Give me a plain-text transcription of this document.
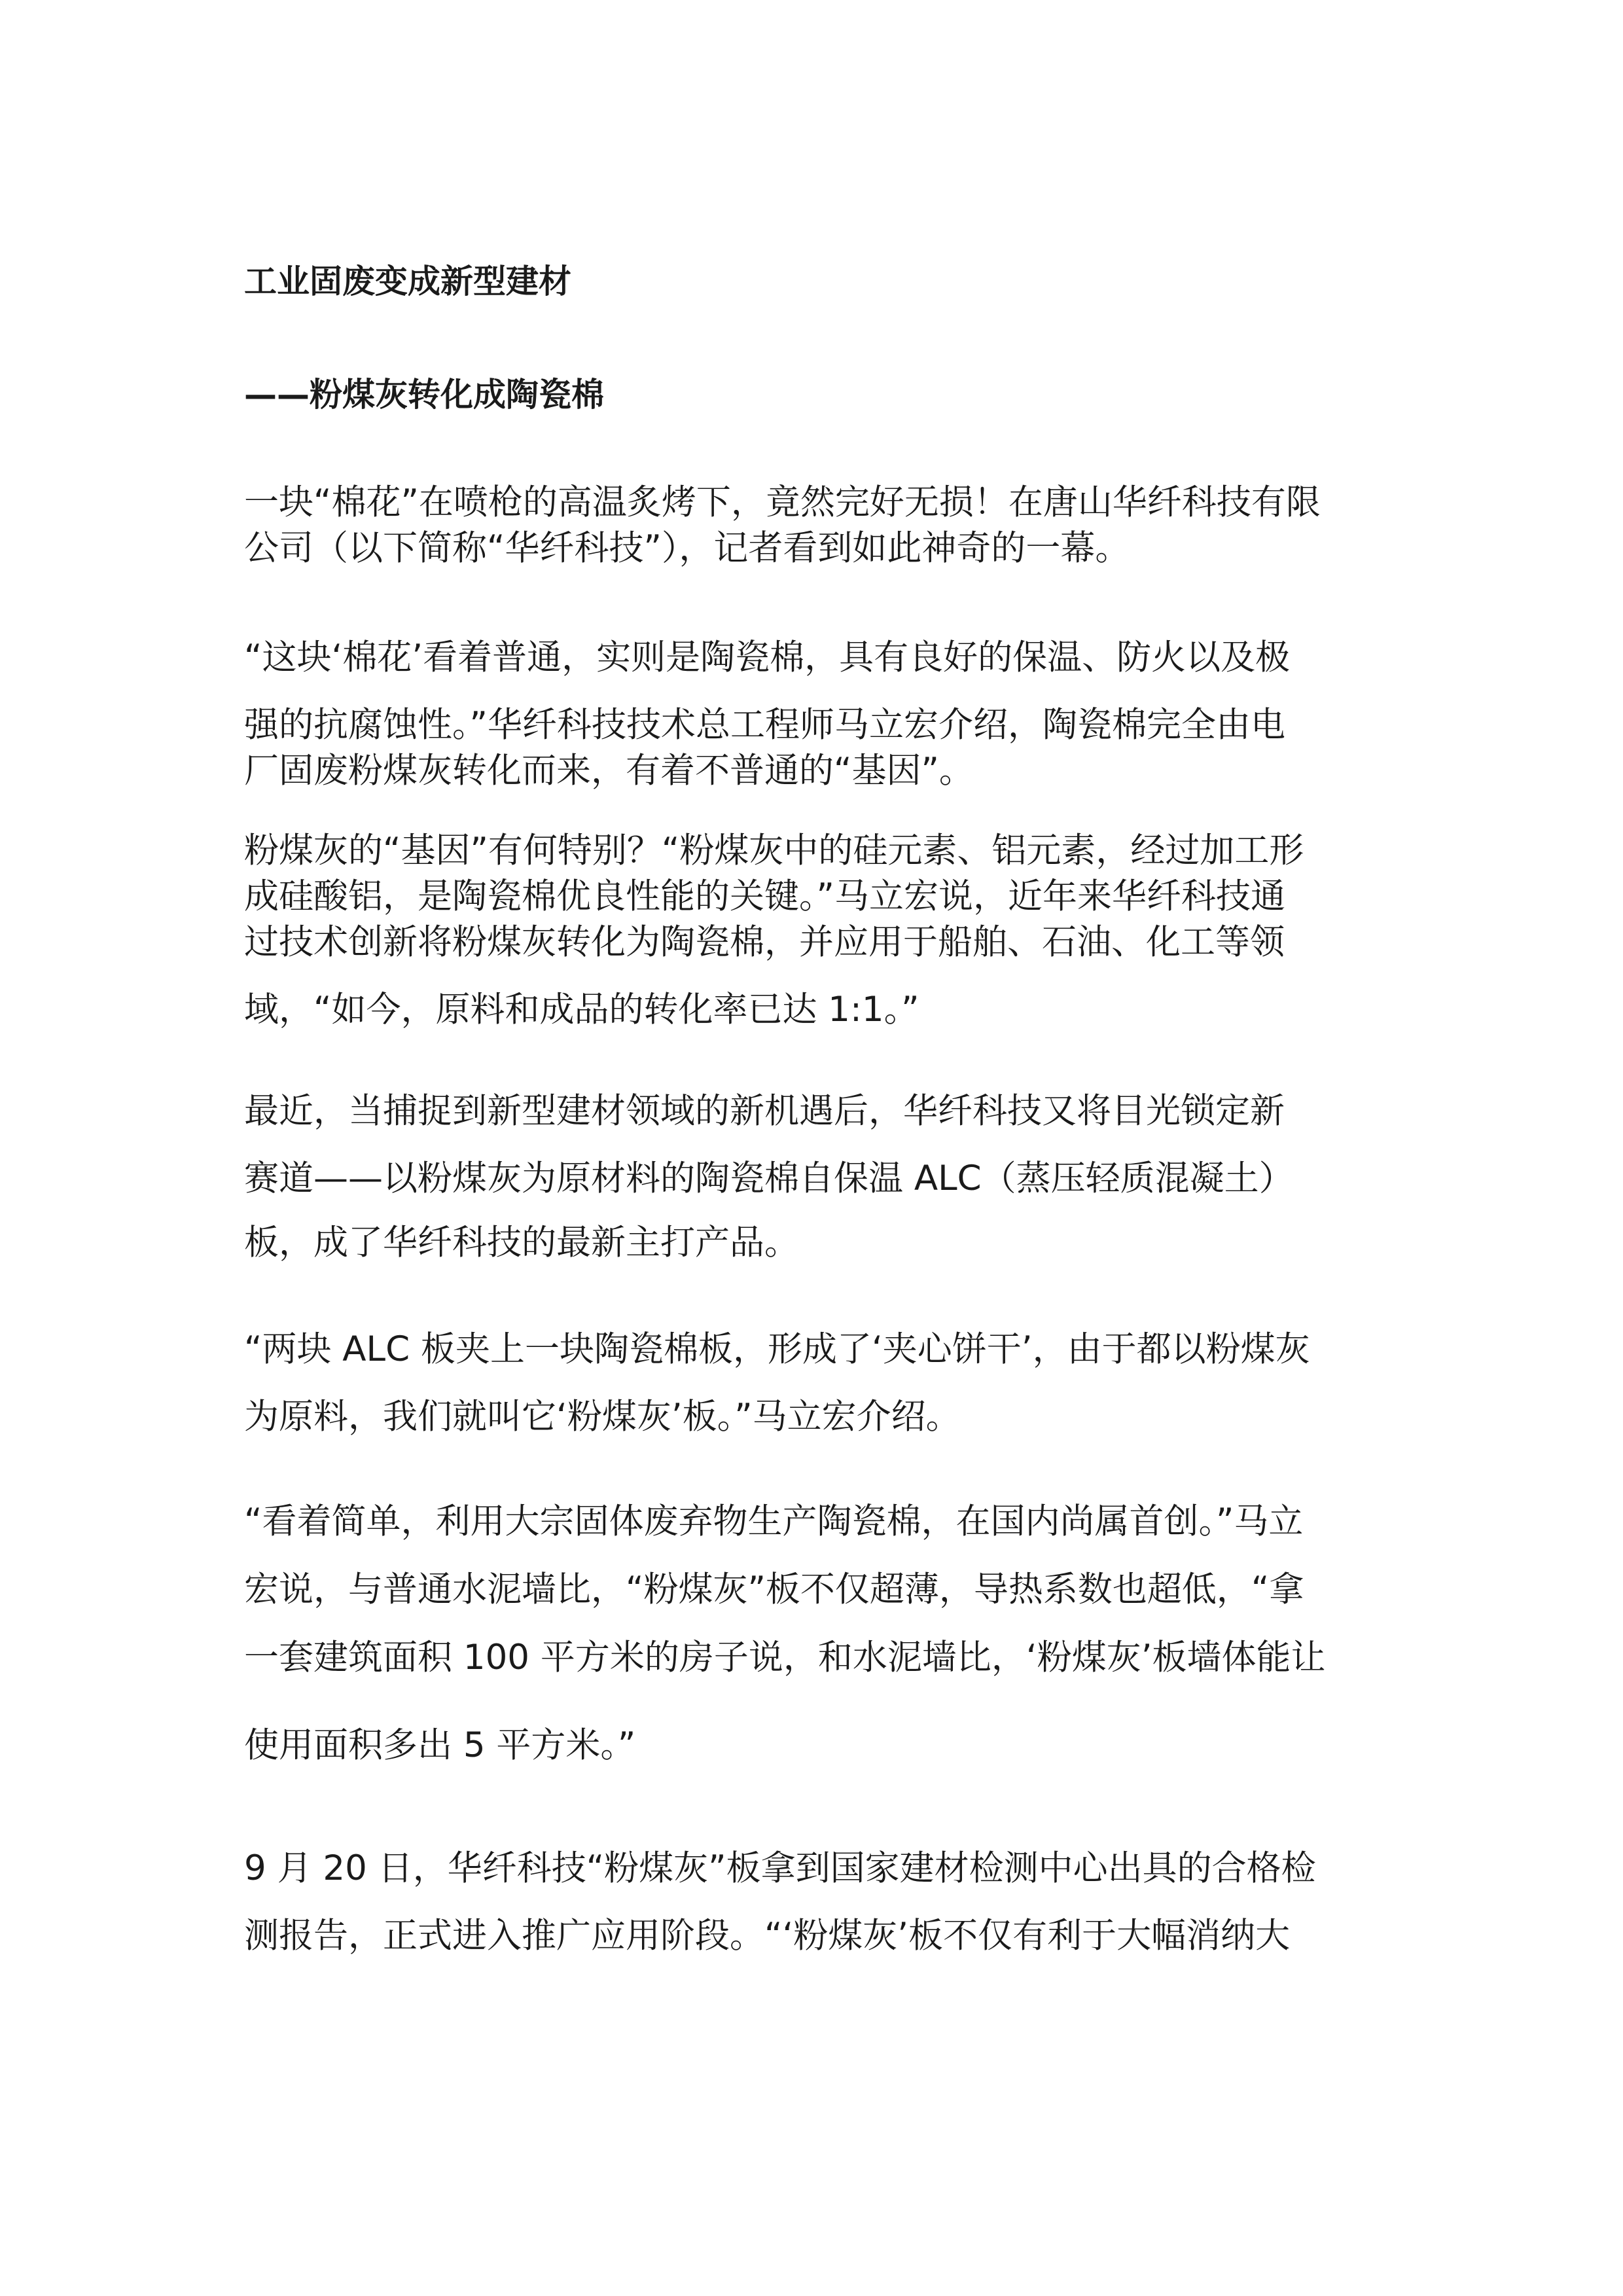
工业固废变成新型建材
——粉煤灰转化成陶瓷棉
一块“棉花”在喷枪的高温炙烤下，竟然完好无损！在唐山华纤科技有限
公司（以下简称“华纤科技”），记者看到如此神奇的一幕。
“这块‘棉花’看着普通，实则是陶瓷棉，具有良好的保温、防火以及极
强的抗腐蚀性。”华纤科技技术总工程师马立宏介绍，陶瓷棉完全由电
厂固废粉煤灰转化而来，有着不普通的“基因”。
粉煤灰的“基因”有何特别？“粉煤灰中的硅元素、铝元素，经过加工形
成硅酸铝，是陶瓷棉优良性能的关键。”马立宏说，近年来华纤科技通
过技术创新将粉煤灰转化为陶瓷棉，并应用于船舶、石油、化工等领
域，“如今，原料和成品的转化率已达 1:1。”
最近，当捕捉到新型建材领域的新机遇后，华纤科技又将目光锁定新
赛道——以粉煤灰为原材料的陶瓷棉自保温 ALC（蒸压轻质混凝土）
板，成了华纤科技的最新主打产品。
“两块 ALC 板夹上一块陶瓷棉板，形成了‘夹心饼干’，由于都以粉煤灰
为原料，我们就叫它‘粉煤灰’板。”马立宏介绍。
“看着简单，利用大宗固体废弃物生产陶瓷棉，在国内尚属首创。”马立
宏说，与普通水泥墙比，“粉煤灰”板不仅超薄，导热系数也超低，“拿
一套建筑面积 100 平方米的房子说，和水泥墙比，‘粉煤灰’板墙体能让
使用面积多出 5 平方米。”
9 月 20 日，华纤科技“粉煤灰”板拿到国家建材检测中心出具的合格检
测报告，正式进入推广应用阶段。“‘粉煤灰’板不仅有利于大幅消纳大
